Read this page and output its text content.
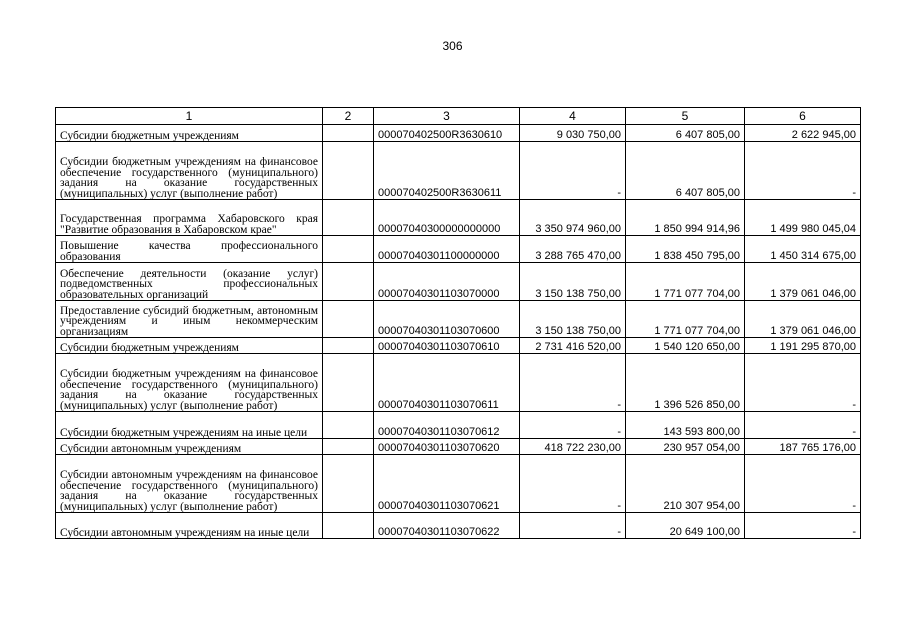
306
1	2	3	4	5	6
Субсидии бюджетным учреждениям		000070402500R3630610	9 030 750,00	6 407 805,00	2 622 945,00
Субсидии бюджетным учреждениям на финансовое обеспечение государственного (муниципального) задания на оказание государственных (муниципальных) услуг (выполнение работ)		000070402500R3630611	-	6 407 805,00	-
Государственная программа Хабаровского края "Развитие образования в Хабаровском крае"		00007040300000000000	3 350 974 960,00	1 850 994 914,96	1 499 980 045,04
Повышение качества профессионального образования		00007040301100000000	3 288 765 470,00	1 838 450 795,00	1 450 314 675,00
Обеспечение деятельности (оказание услуг) подведомственных профессиональных образовательных организаций		00007040301103070000	3 150 138 750,00	1 771 077 704,00	1 379 061 046,00
Предоставление субсидий бюджетным, автономным учреждениям и иным некоммерческим организациям		00007040301103070600	3 150 138 750,00	1 771 077 704,00	1 379 061 046,00
Субсидии бюджетным учреждениям		00007040301103070610	2 731 416 520,00	1 540 120 650,00	1 191 295 870,00
Субсидии бюджетным учреждениям на финансовое обеспечение государственного (муниципального) задания на оказание государственных (муниципальных) услуг (выполнение работ)		00007040301103070611	-	1 396 526 850,00	-
Субсидии бюджетным учреждениям на иные цели		00007040301103070612	-	143 593 800,00	-
Субсидии автономным учреждениям		00007040301103070620	418 722 230,00	230 957 054,00	187 765 176,00
Субсидии автономным учреждениям на финансовое обеспечение государственного (муниципального) задания на оказание государственных (муниципальных) услуг (выполнение работ)		00007040301103070621	-	210 307 954,00	-
Субсидии автономным учреждениям на иные цели		00007040301103070622	-	20 649 100,00	-
